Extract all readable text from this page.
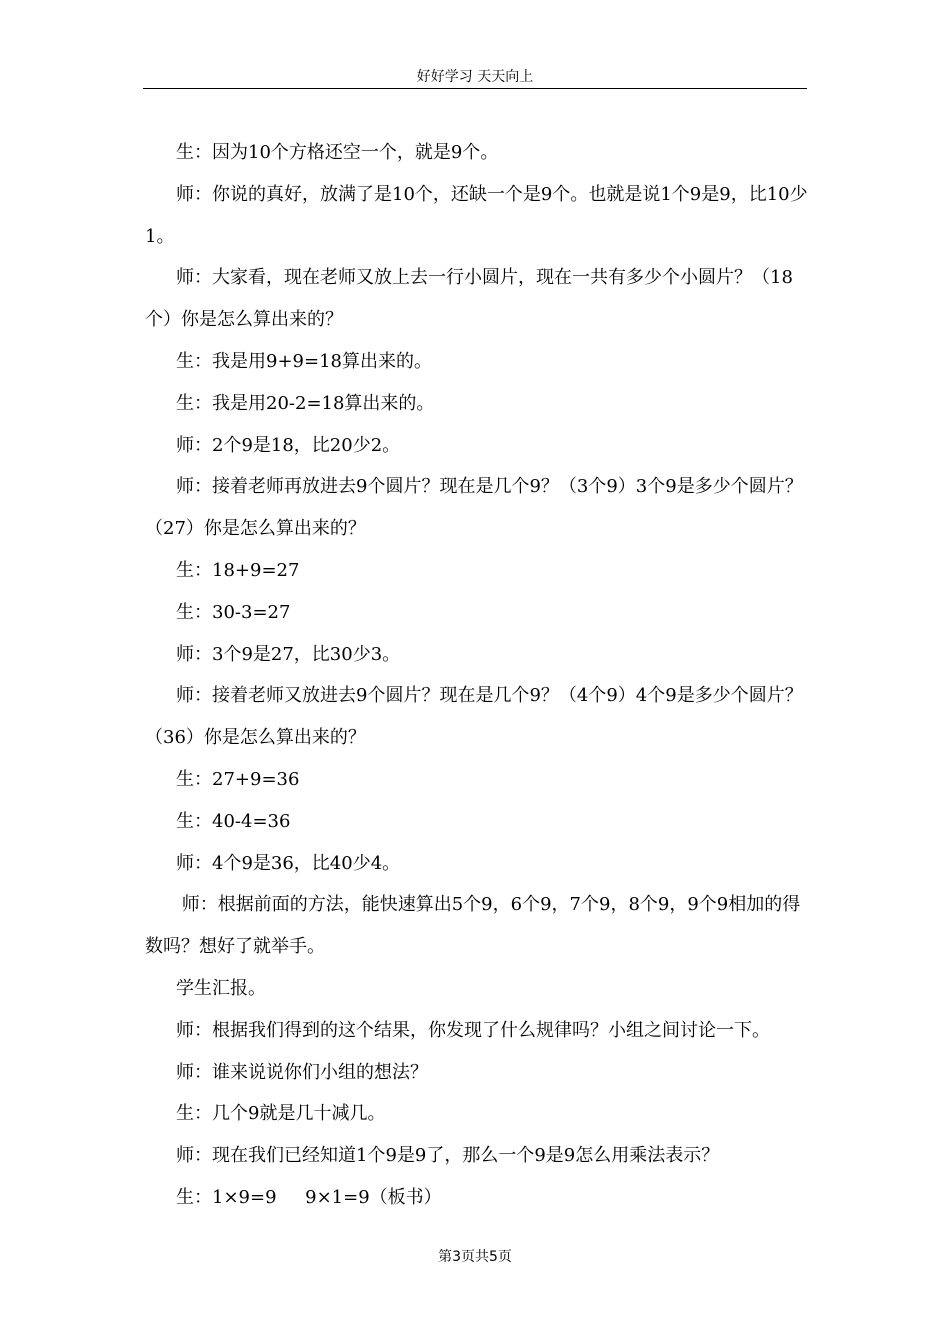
好好学习 天天向上

生：因为10个方格还空一个，就是9个。

师：你说的真好，放满了是10个，还缺一个是9个。也就是说1个9是9，比10少1。

师：大家看，现在老师又放上去一行小圆片，现在一共有多少个小圆片？（18个）你是怎么算出来的？

生：我是用9+9=18算出来的。

生：我是用20-2=18算出来的。

师：2个9是18，比20少2。

师：接着老师再放进去9个圆片？现在是几个9？（3个9）3个9是多少个圆片？（27）你是怎么算出来的？

生：18+9=27

生：30-3=27

师：3个9是27，比30少3。

师：接着老师又放进去9个圆片？现在是几个9？（4个9）4个9是多少个圆片？（36）你是怎么算出来的？

生：27+9=36

生：40-4=36

师：4个9是36，比40少4。

师：根据前面的方法，能快速算出5个9，6个9，7个9，8个9，9个9相加的得数吗？想好了就举手。

学生汇报。

师：根据我们得到的这个结果，你发现了什么规律吗？小组之间讨论一下。

师：谁来说说你们小组的想法？

生：几个9就是几十减几。

师：现在我们已经知道1个9是9了，那么一个9是9怎么用乘法表示？

生：1×9=9     9×1=9（板书）

第3页共5页
